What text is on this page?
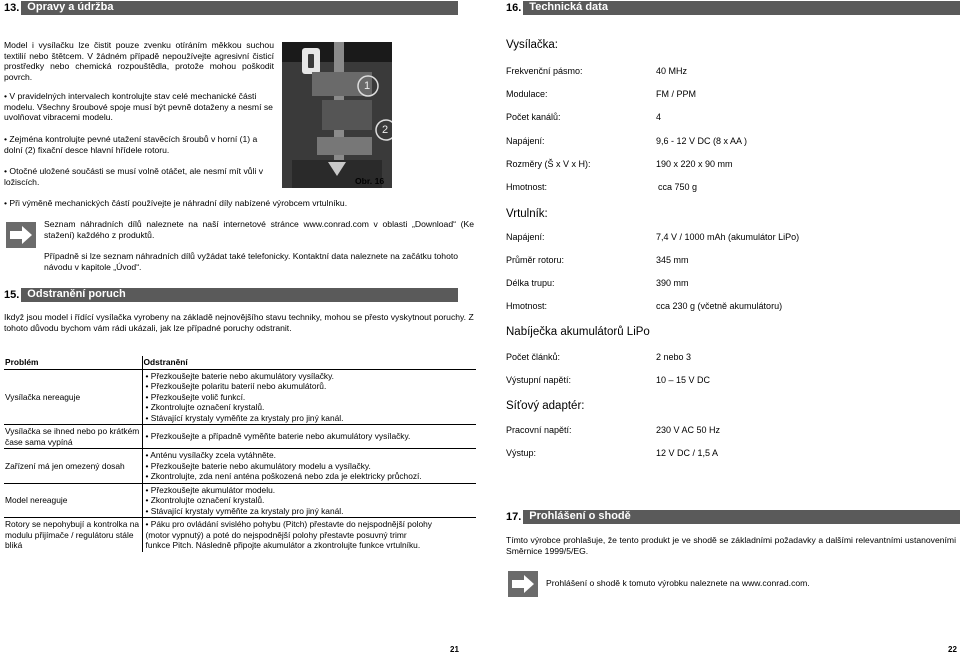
13. Opravy a údržba
Model i vysílačku lze čistit pouze zvenku otíráním měkkou suchou textilií nebo štětcem. V žádném případě nepoužívejte agresivní čisticí prostředky nebo chemická rozpouštědla, protože mohou poškodit povrch.
• V pravidelných intervalech kontrolujte stav celé mechanické části modelu. Všechny šroubové spoje musí být pevně dotaženy a nesmí se uvolňovat vibracemi modelu.
• Zejména kontrolujte pevné utažení stavěcích šroubů v horní (1) a dolní (2) fixační desce hlavní hřídele rotoru.
• Otočné uložené součásti se musí volně otáčet, ale nesmí mít vůli v ložiscích.
1
2
Obr. 16
• Při výměně mechanických částí používejte je náhradní díly nabízené výrobcem vrtulníku.
Seznam náhradních dílů naleznete na naší internetové stránce www.conrad.com v oblasti „Download“ (Ke stažení) každého z produktů.
Případně si lze seznam náhradních dílů vyžádat také telefonicky. Kontaktní data naleznete na začátku tohoto návodu v kapitole „Úvod“.
15. Odstranění poruch
Ikdyž jsou model i řídící vysílačka vyrobeny na základě nejnovějšího stavu techniky, mohou se přesto vyskytnout poruchy. Z tohoto důvodu bychom vám rádi ukázali, jak lze případné poruchy odstranit.
Problém	Odstranění
Vysílačka nereaguje	• Přezkoušejte baterie nebo akumulátory vysílačky.
• Přezkoušejte polaritu baterií nebo akumulátorů.
• Přezkoušejte volič funkcí.
• Zkontrolujte označení krystalů.
• Stávající krystaly vyměňte za krystaly pro jiný kanál.

Vysílačka se ihned nebo po krátkém čase sama vypíná	• Přezkoušejte a případně vyměňte baterie nebo akumulátory vysílačky.

Zařízení má jen omezený dosah	• Anténu vysílačky zcela vytáhněte.
• Přezkoušejte baterie nebo akumulátory modelu a vysílačky.
• Zkontrolujte, zda není anténa poškozená nebo zda je elektricky průchozí.

Model nereaguje	• Přezkoušejte akumulátor modelu.
• Zkontrolujte označení krystalů.
• Stávající krystaly vyměňte za krystaly pro jiný kanál.

Rotory se nepohybují a kontrolka na modulu přijímače / regulátoru stále bliká	• Páku pro ovládání svislého pohybu (Pitch) přestavte do nejspodnější polohy
(motor vypnutý) a poté do nejspodnější polohy přestavte posuvný trimr
funkce Pitch. Následně připojte akumulátor a zkontrolujte funkce vrtulníku.
21
16. Technická data
Vysílačka:
Frekvenční pásmo:	40 MHz
Modulace:	FM / PPM
Počet kanálů:	4
Napájení:	9,6 - 12 V DC (8 x AA )
Rozměry (Š x V x H):	190 x 220 x 90 mm
Hmotnost:	cca 750 g
Vrtulník:
Napájení:	7,4 V / 1000 mAh (akumulátor LiPo)
Průměr rotoru:	345 mm
Délka trupu:	390 mm
Hmotnost:	cca 230 g (včetně akumulátoru)
Nabíječka akumulátorů LiPo
Počet článků:	2 nebo 3
Výstupní napětí:	10 – 15 V DC
Síťový adaptér:
Pracovní napětí:	230 V AC 50 Hz
Výstup:	12 V DC / 1,5 A
17. Prohlášení o shodě
Tímto výrobce prohlašuje, že tento produkt je ve shodě se základními požadavky a dalšími relevantními ustanoveními Směrnice 1999/5/EG.
Prohlášení o shodě k tomuto výrobku naleznete na www.conrad.com.
22
